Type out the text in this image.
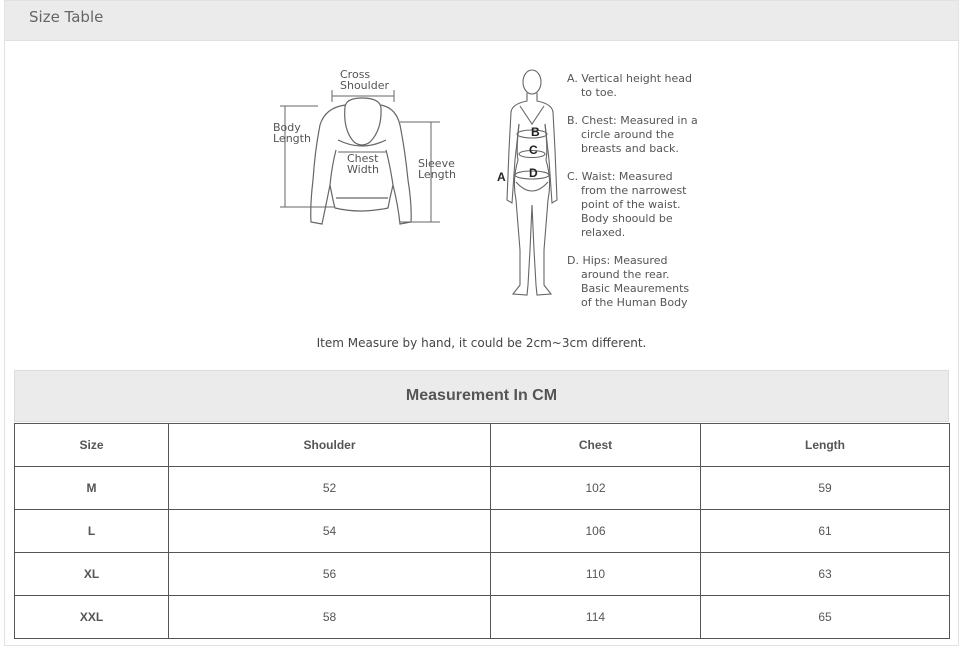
Size Table
Cross Shoulder
Body Length
Chest Width	Sleeve Length
B
C
D
A
A. Vertical height head    to toe.
B. Chest: Measured in a    circle around the    breasts and back.
C. Waist: Measured    from the narrowest    point of the waist.    Body shoould be    relaxed.
D. Hips: Measured    around the rear.    Basic Meaurements    of the Human Body
Item Measure by hand, it could be 2cm~3cm different.
Measurement In CM
Size	Shoulder	Chest	Length
M	52	102	59
L	54	106	61
XL	56	110	63
XXL	58	114	65
